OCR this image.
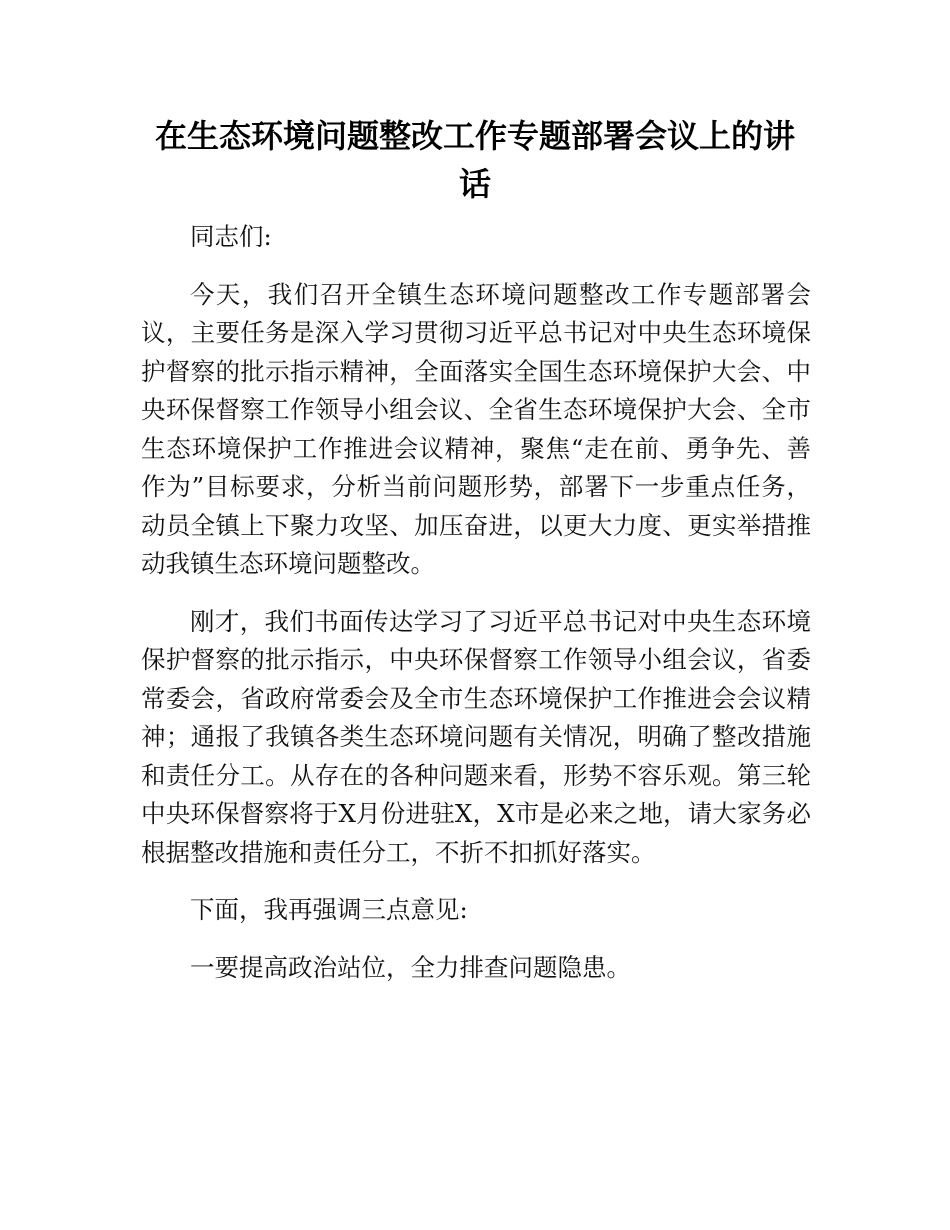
在生态环境问题整改工作专题部署会议上的讲话

同志们:

今天，我们召开全镇生态环境问题整改工作专题部署会议，主要任务是深入学习贯彻习近平总书记对中央生态环境保护督察的批示指示精神，全面落实全国生态环境保护大会、中央环保督察工作领导小组会议、全省生态环境保护大会、全市生态环境保护工作推进会议精神，聚焦“走在前、勇争先、善作为”目标要求，分析当前问题形势，部署下一步重点任务，动员全镇上下聚力攻坚、加压奋进，以更大力度、更实举措推动我镇生态环境问题整改。

刚才，我们书面传达学习了习近平总书记对中央生态环境保护督察的批示指示，中央环保督察工作领导小组会议，省委常委会，省政府常委会及全市生态环境保护工作推进会会议精神；通报了我镇各类生态环境问题有关情况，明确了整改措施和责任分工。从存在的各种问题来看，形势不容乐观。第三轮中央环保督察将于X月份进驻X，X市是必来之地，请大家务必根据整改措施和责任分工，不折不扣抓好落实。

下面，我再强调三点意见:

一要提高政治站位，全力排查问题隐患。
